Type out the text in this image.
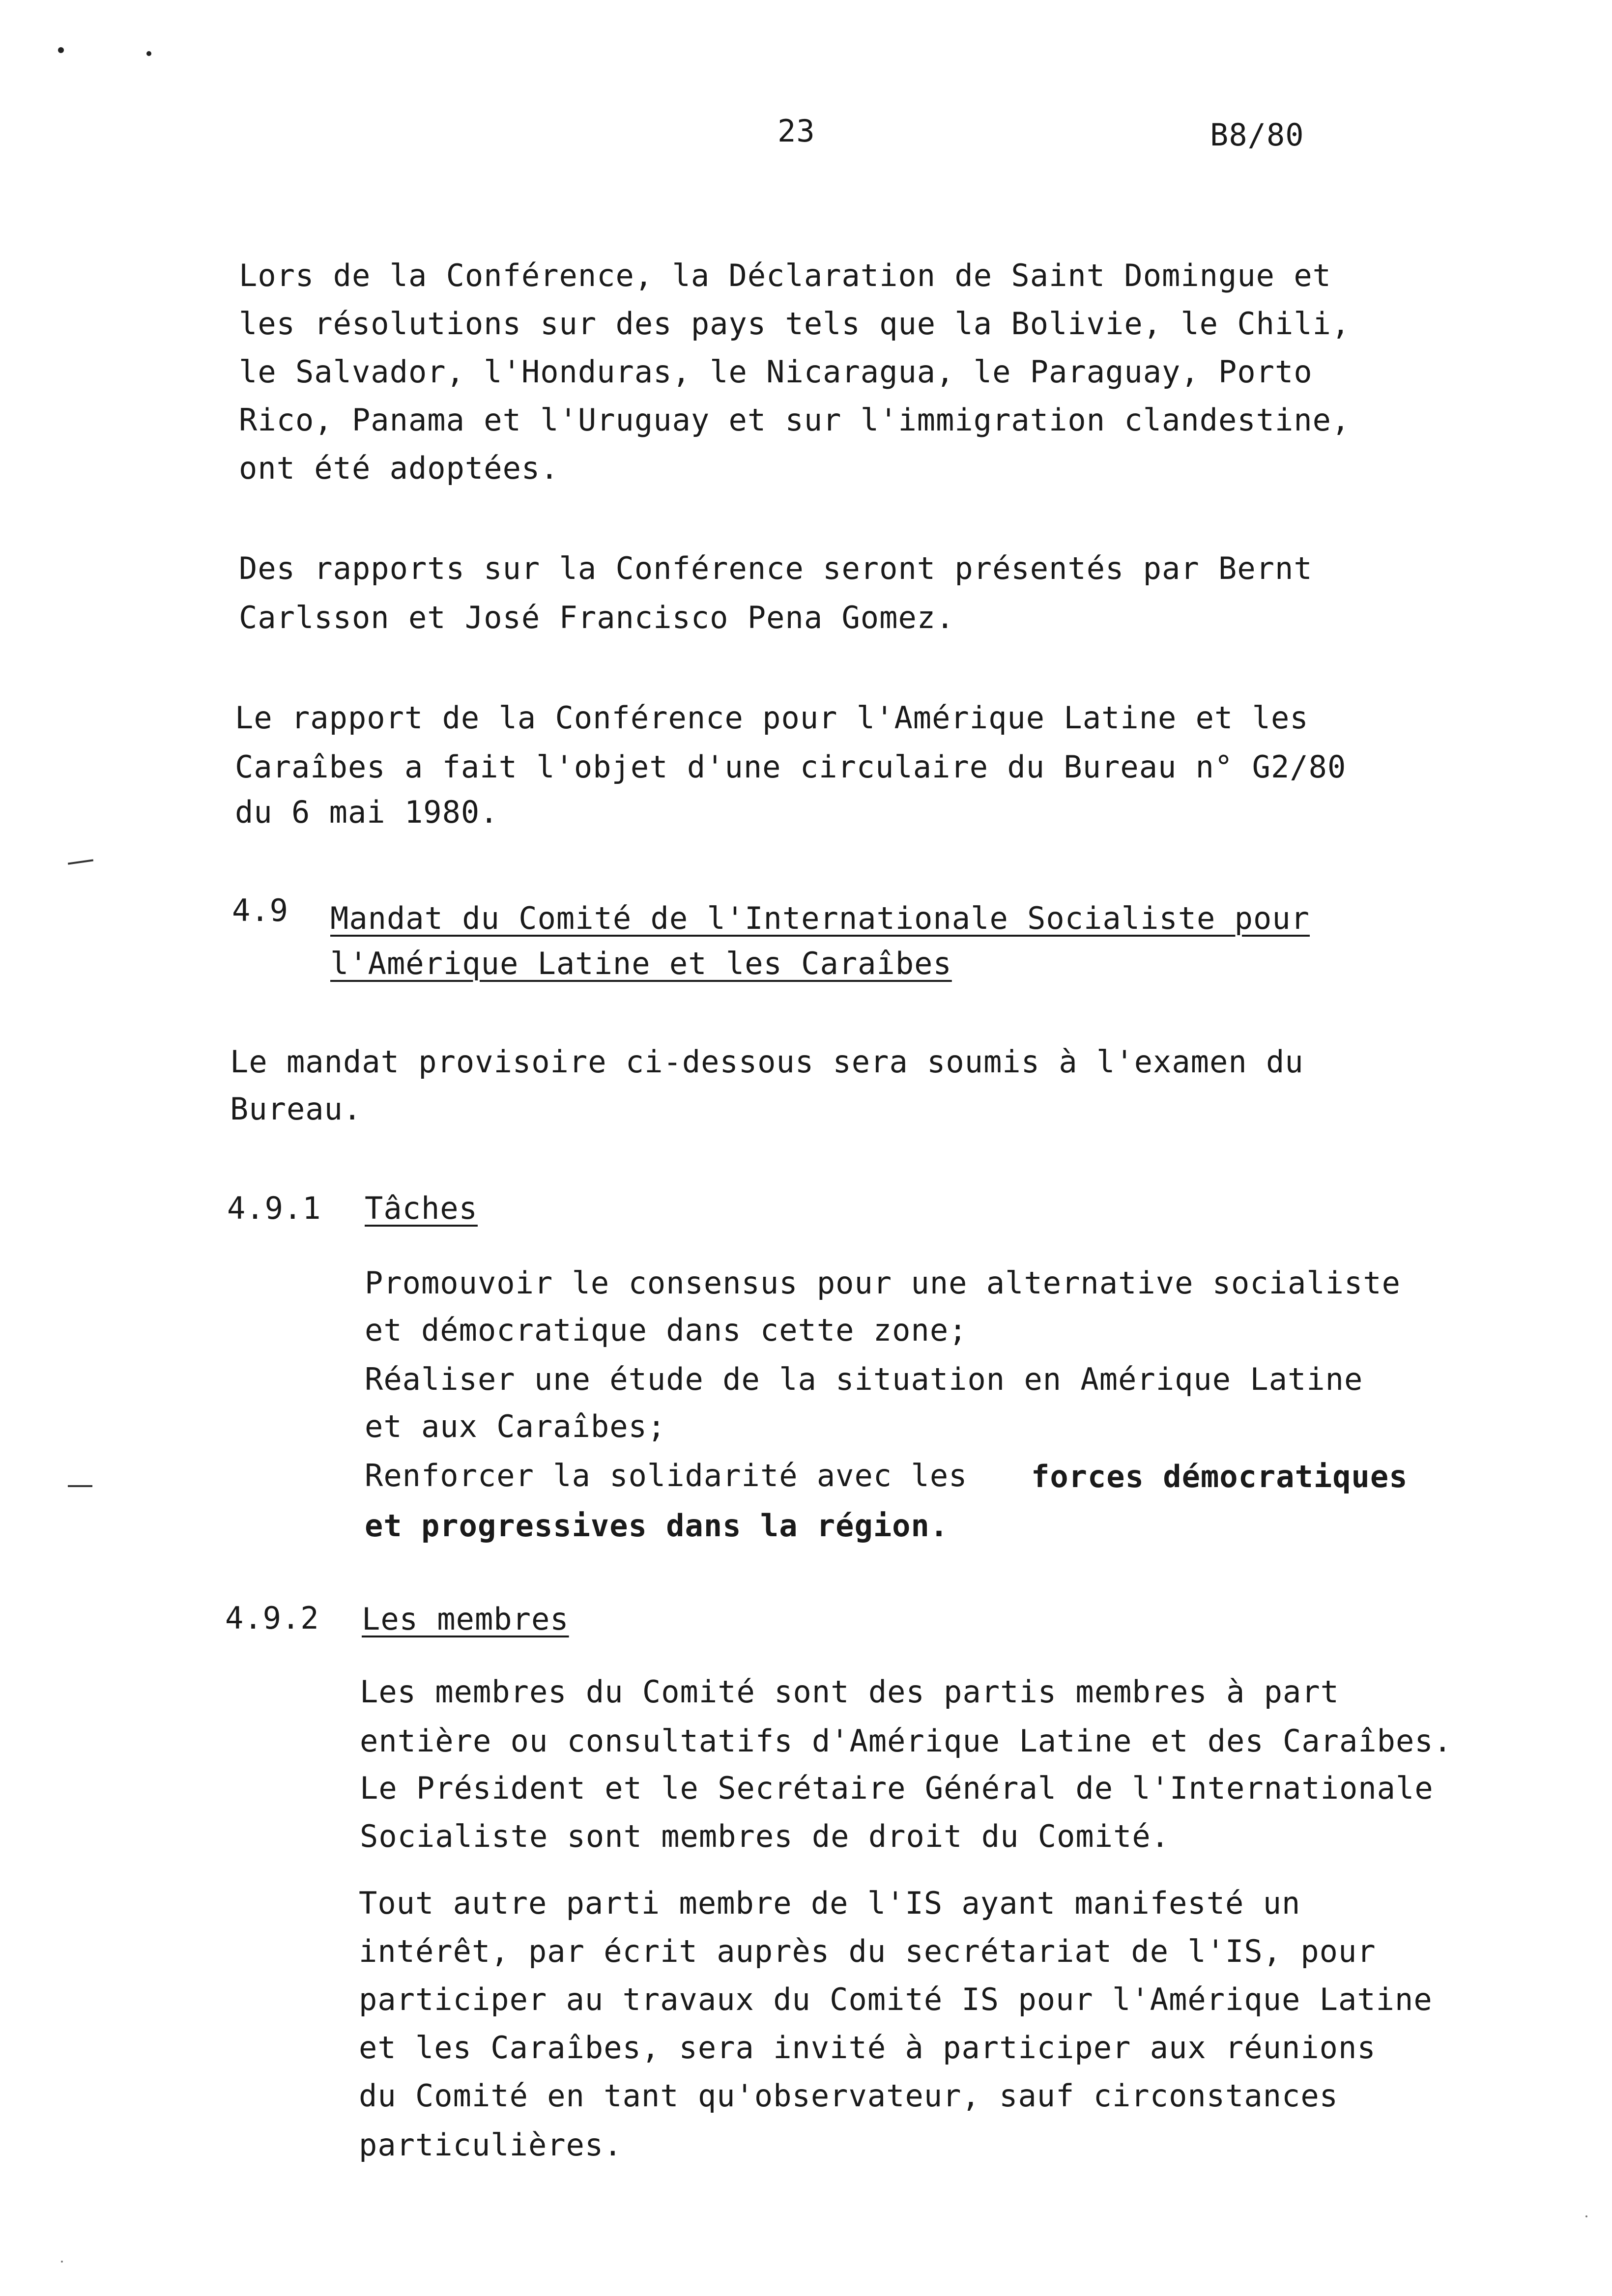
23	B8/80
Lors de la Conférence, la Déclaration de Saint Domingue et
les résolutions sur des pays tels que la Bolivie, le Chili,
le Salvador, l'Honduras, le Nicaragua, le Paraguay, Porto
Rico, Panama et l'Uruguay et sur l'immigration clandestine,
ont été adoptées.
Des rapports sur la Conférence seront présentés par Bernt
Carlsson et José Francisco Pena Gomez.
Le rapport de la Conférence pour l'Amérique Latine et les
Caraîbes a fait l'objet d'une circulaire du Bureau n° G2/80
du 6 mai 1980.
4.9 Mandat du Comité de l'Internationale Socialiste pour
l'Amérique Latine et les Caraîbes
Le mandat provisoire ci-dessous sera soumis à l'examen du
Bureau.
4.9.1 Tâches
Promouvoir le consensus pour une alternative socialiste
et démocratique dans cette zone;
Réaliser une étude de la situation en Amérique Latine
et aux Caraîbes;
Renforcer la solidarité avec les forces démocratiques
et progressives dans la région.
4.9.2 Les membres
Les membres du Comité sont des partis membres à part
entière ou consultatifs d'Amérique Latine et des Caraîbes.
Le Président et le Secrétaire Général de l'Internationale
Socialiste sont membres de droit du Comité.
Tout autre parti membre de l'IS ayant manifesté un
intérêt, par écrit auprès du secrétariat de l'IS, pour
participer au travaux du Comité IS pour l'Amérique Latine
et les Caraîbes, sera invité à participer aux réunions
du Comité en tant qu'observateur, sauf circonstances
particulières.
